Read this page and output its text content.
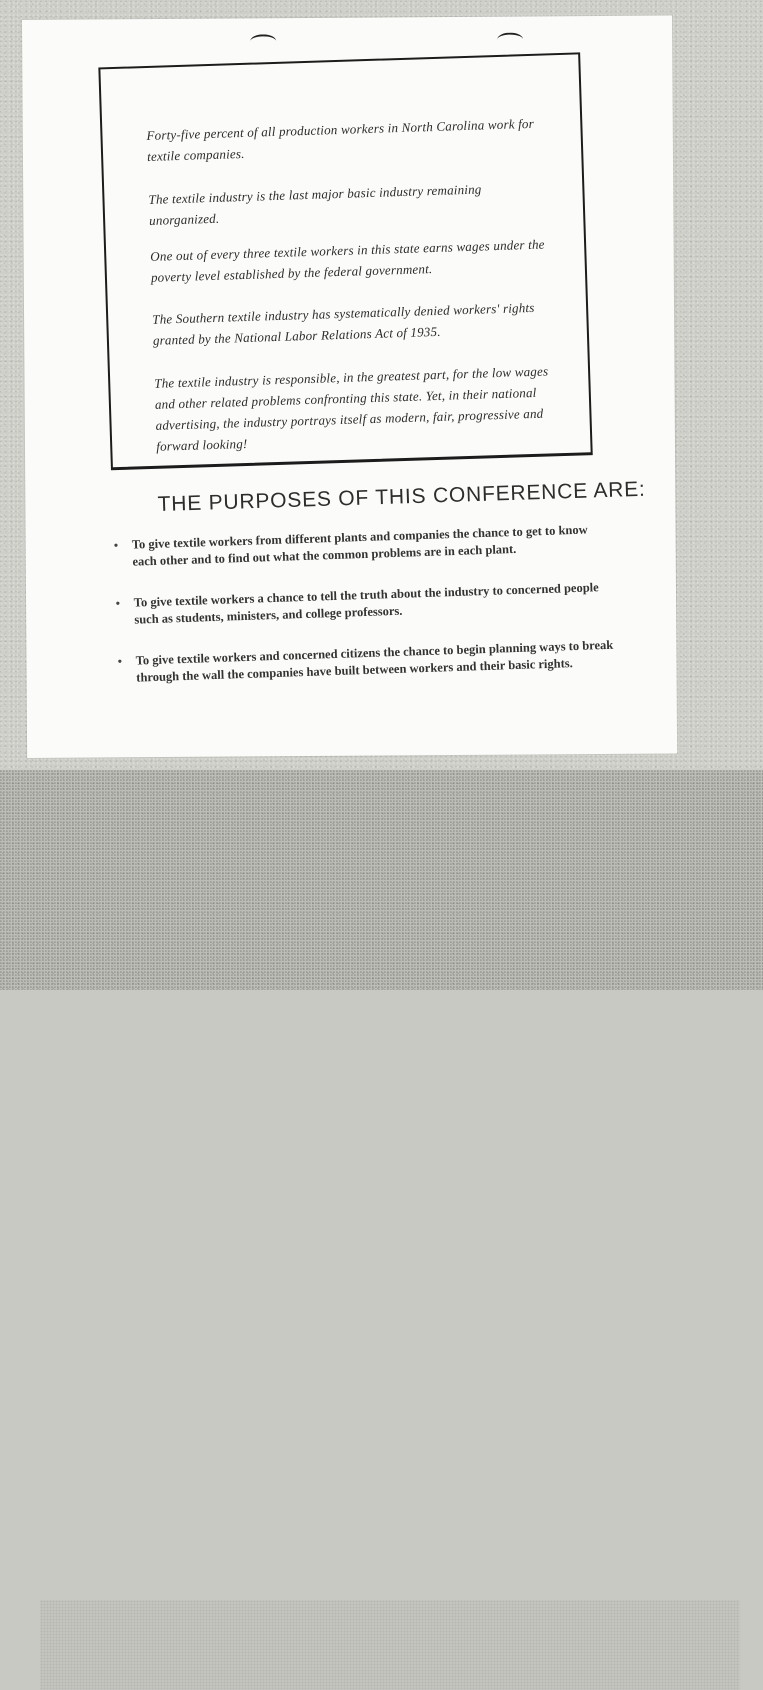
Forty-five percent of all production workers in North Carolina work for textile companies.

The textile industry is the last major basic industry remaining unorganized.

One out of every three textile workers in this state earns wages under the poverty level established by the federal government.

The Southern textile industry has systematically denied workers' rights granted by the National Labor Relations Act of 1935.

The textile industry is responsible, in the greatest part, for the low wages and other related problems confronting this state. Yet, in their national advertising, the industry portrays itself as modern, fair, progressive and forward looking!

THE PURPOSES OF THIS CONFERENCE ARE:
• To give textile workers from different plants and companies the chance to get to know each other and to find out what the common problems are in each plant.
• To give textile workers a chance to tell the truth about the industry to concerned people such as students, ministers, and college professors.
• To give textile workers and concerned citizens the chance to begin planning ways to break through the wall the companies have built between workers and their basic rights.
